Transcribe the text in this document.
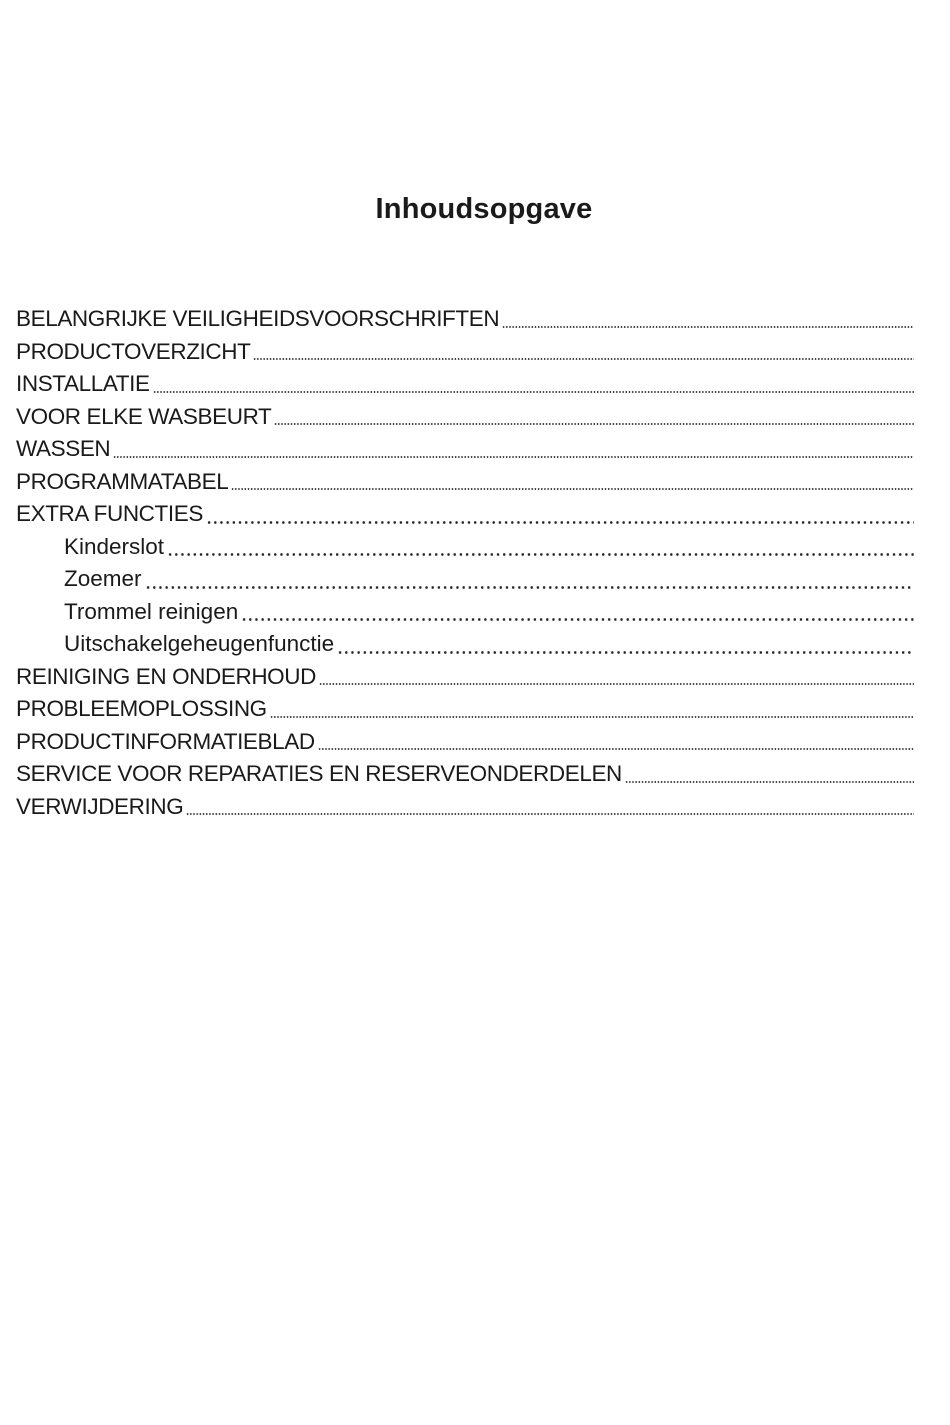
Inhoudsopgave
BELANGRIJKE VEILIGHEIDSVOORSCHRIFTEN
PRODUCTOVERZICHT
INSTALLATIE
VOOR ELKE WASBEURT
WASSEN
PROGRAMMATABEL
EXTRA FUNCTIES
Kinderslot
Zoemer
Trommel reinigen
Uitschakelgeheugenfunctie
REINIGING EN ONDERHOUD
PROBLEEMOPLOSSING
PRODUCTINFORMATIEBLAD
SERVICE VOOR REPARATIES EN RESERVEONDERDELEN
VERWIJDERING
